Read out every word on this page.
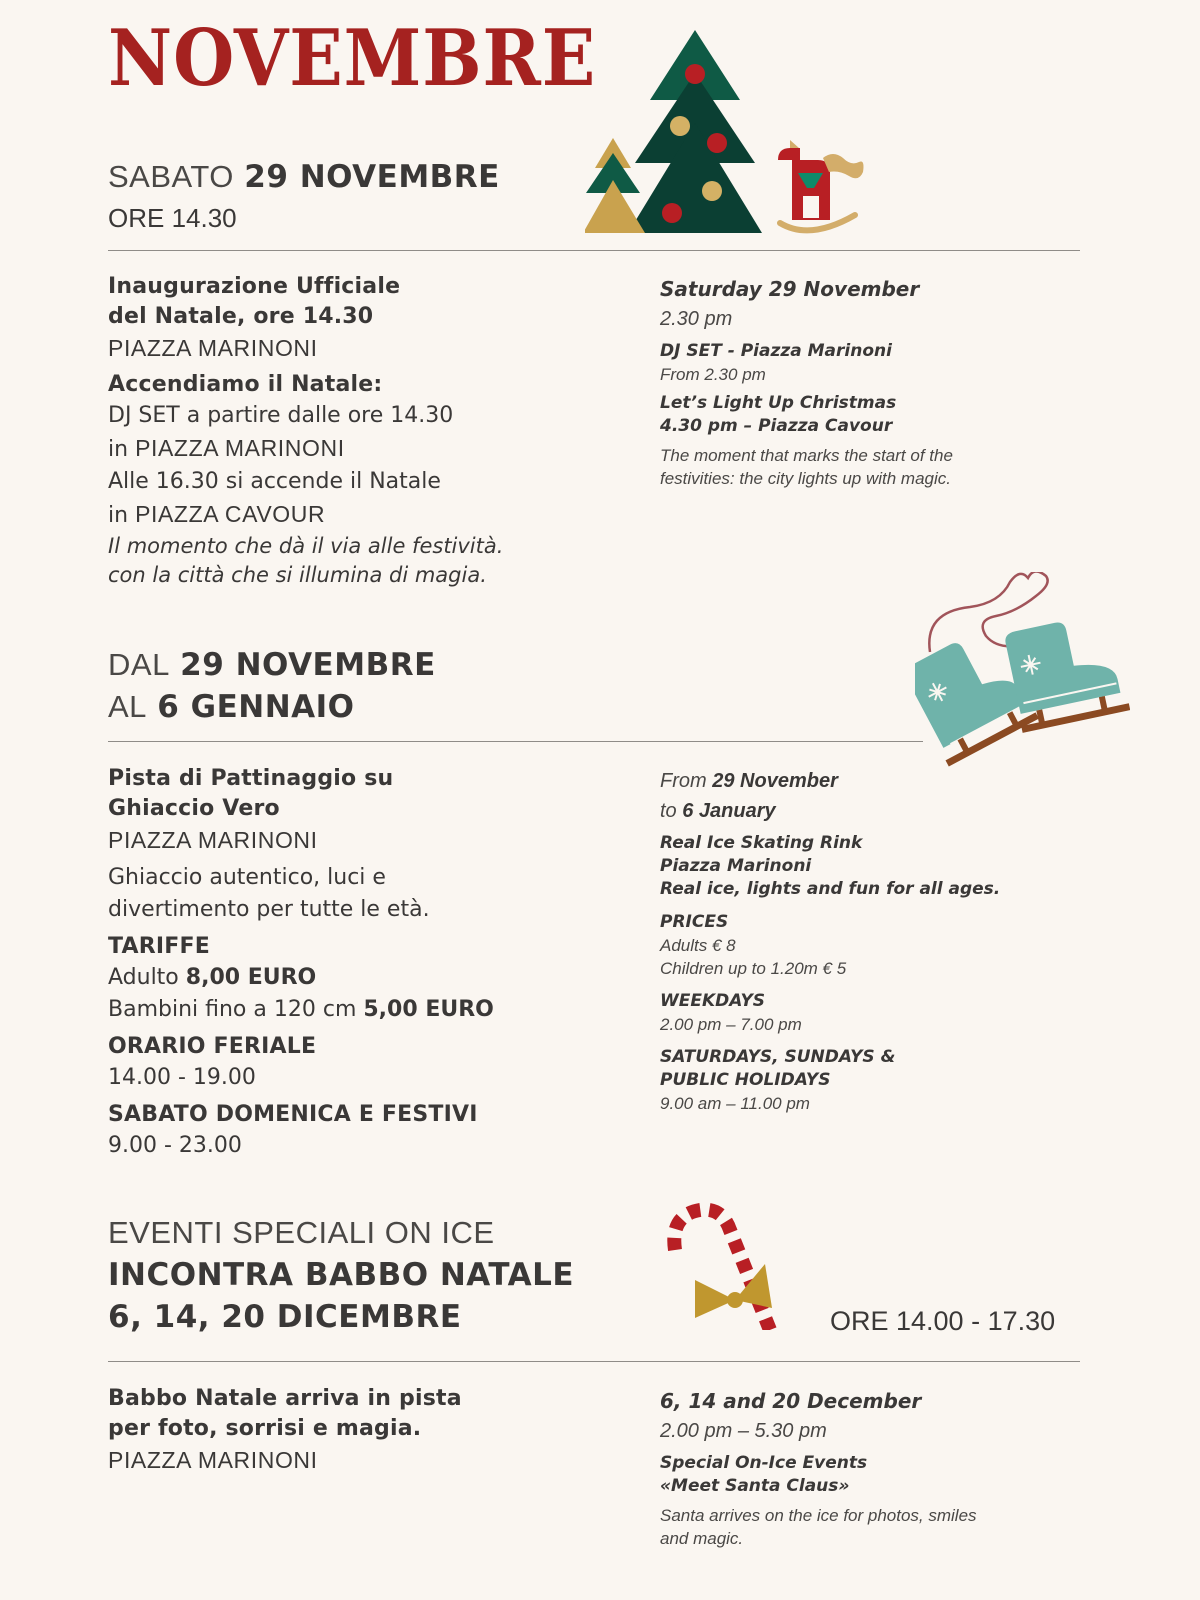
NOVEMBRE
SABATO 29 NOVEMBRE
ORE 14.30
Inaugurazione Ufficiale
del Natale, ore 14.30
PIAZZA MARINONI
Accendiamo il Natale:
DJ SET a partire dalle ore 14.30
in PIAZZA MARINONI
Alle 16.30 si accende il Natale
in PIAZZA CAVOUR
Il momento che dà il via alle festività.
con la città che si illumina di magia.
Saturday 29 November
2.30 pm
DJ SET - Piazza Marinoni
From 2.30 pm
Let’s Light Up Christmas
4.30 pm – Piazza Cavour
The moment that marks the start of the
festivities: the city lights up with magic.
DAL 29 NOVEMBRE
AL 6 GENNAIO
Pista di Pattinaggio su
Ghiaccio Vero
PIAZZA MARINONI
Ghiaccio autentico, luci e
divertimento per tutte le età.
TARIFFE
Adulto 8,00 EURO
Bambini fino a 120 cm 5,00 EURO
ORARIO FERIALE
14.00 - 19.00
SABATO DOMENICA E FESTIVI
9.00 - 23.00
From 29 November
to 6 January
Real Ice Skating Rink
Piazza Marinoni
Real ice, lights and fun for all ages.
PRICES
Adults € 8
Children up to 1.20m € 5
WEEKDAYS
2.00 pm – 7.00 pm
SATURDAYS, SUNDAYS &
PUBLIC HOLIDAYS
9.00 am – 11.00 pm
EVENTI SPECIALI ON ICE
INCONTRA BABBO NATALE
6, 14, 20 DICEMBRE	ORE 14.00 - 17.30
Babbo Natale arriva in pista
per foto, sorrisi e magia.
PIAZZA MARINONI
6, 14 and 20 December
2.00 pm – 5.30 pm
Special On-Ice Events
«Meet Santa Claus»
Santa arrives on the ice for photos, smiles
and magic.
